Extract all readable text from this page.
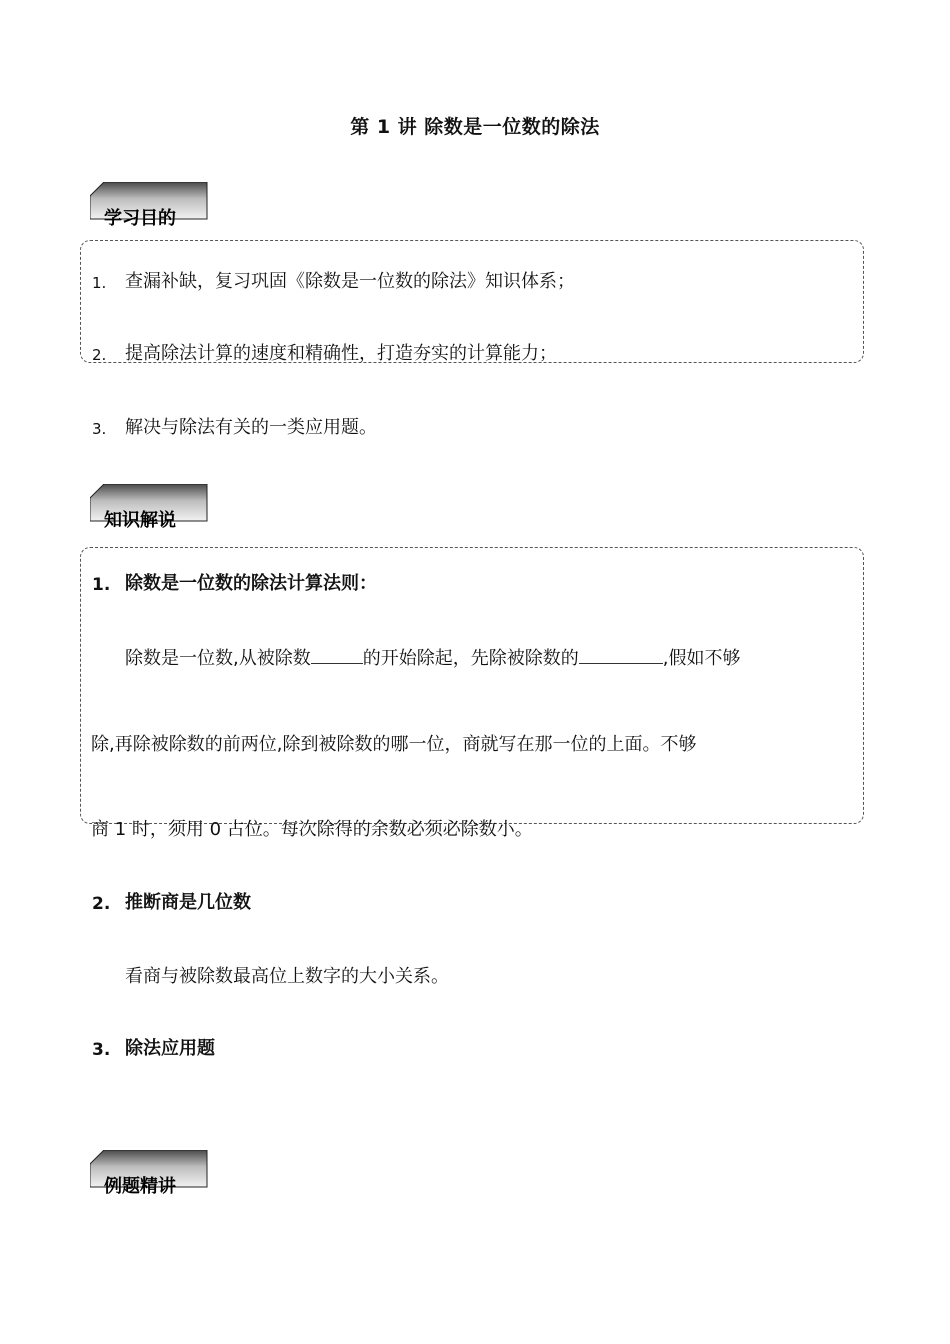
第 1 讲 除数是一位数的除法
学习目的
1. 查漏补缺，复习巩固《除数是一位数的除法》知识体系；
2. 提高除法计算的速度和精确性，打造夯实的计算能力；
3. 解决与除法有关的一类应用题。
知识解说
1. 除数是一位数的除法计算法则：
除数是一位数,从被除数	的开始除起，先除被除数的	,假如不够
除,再除被除数的前两位,除到被除数的哪一位，商就写在那一位的上面。不够
商 1 时，须用 0 占位。每次除得的余数必须必除数小。
2. 推断商是几位数
看商与被除数最高位上数字的大小关系。
3. 除法应用题
例题精讲
